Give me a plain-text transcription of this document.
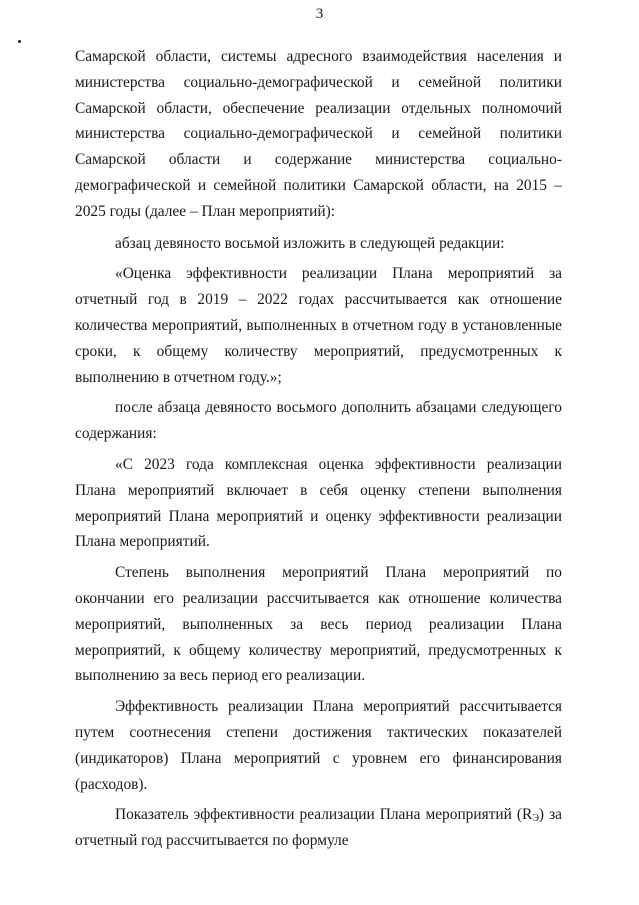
3

Самарской области, системы адресного взаимодействия населения и министерства социально-демографической и семейной политики Самарской области, обеспечение реализации отдельных полномочий министерства социально-демографической и семейной политики Самарской области и содержание министерства социально-демографической и семейной политики Самарской области, на 2015 – 2025 годы (далее – План мероприятий):

абзац девяносто восьмой изложить в следующей редакции:

«Оценка эффективности реализации Плана мероприятий за отчетный год в 2019 – 2022 годах рассчитывается как отношение количества мероприятий, выполненных в отчетном году в установленные сроки, к общему количеству мероприятий, предусмотренных к выполнению в отчетном году.»;

после абзаца девяносто восьмого дополнить абзацами следующего содержания:

«С 2023 года комплексная оценка эффективности реализации Плана мероприятий включает в себя оценку степени выполнения мероприятий Плана мероприятий и оценку эффективности реализации Плана мероприятий.

Степень выполнения мероприятий Плана мероприятий по окончании его реализации рассчитывается как отношение количества мероприятий, выполненных за весь период реализации Плана мероприятий, к общему количеству мероприятий, предусмотренных к выполнению за весь период его реализации.

Эффективность реализации Плана мероприятий рассчитывается путем соотнесения степени достижения тактических показателей (индикаторов) Плана мероприятий с уровнем его финансирования (расходов).

Показатель эффективности реализации Плана мероприятий $(R_Э)$ за отчетный год рассчитывается по формуле
